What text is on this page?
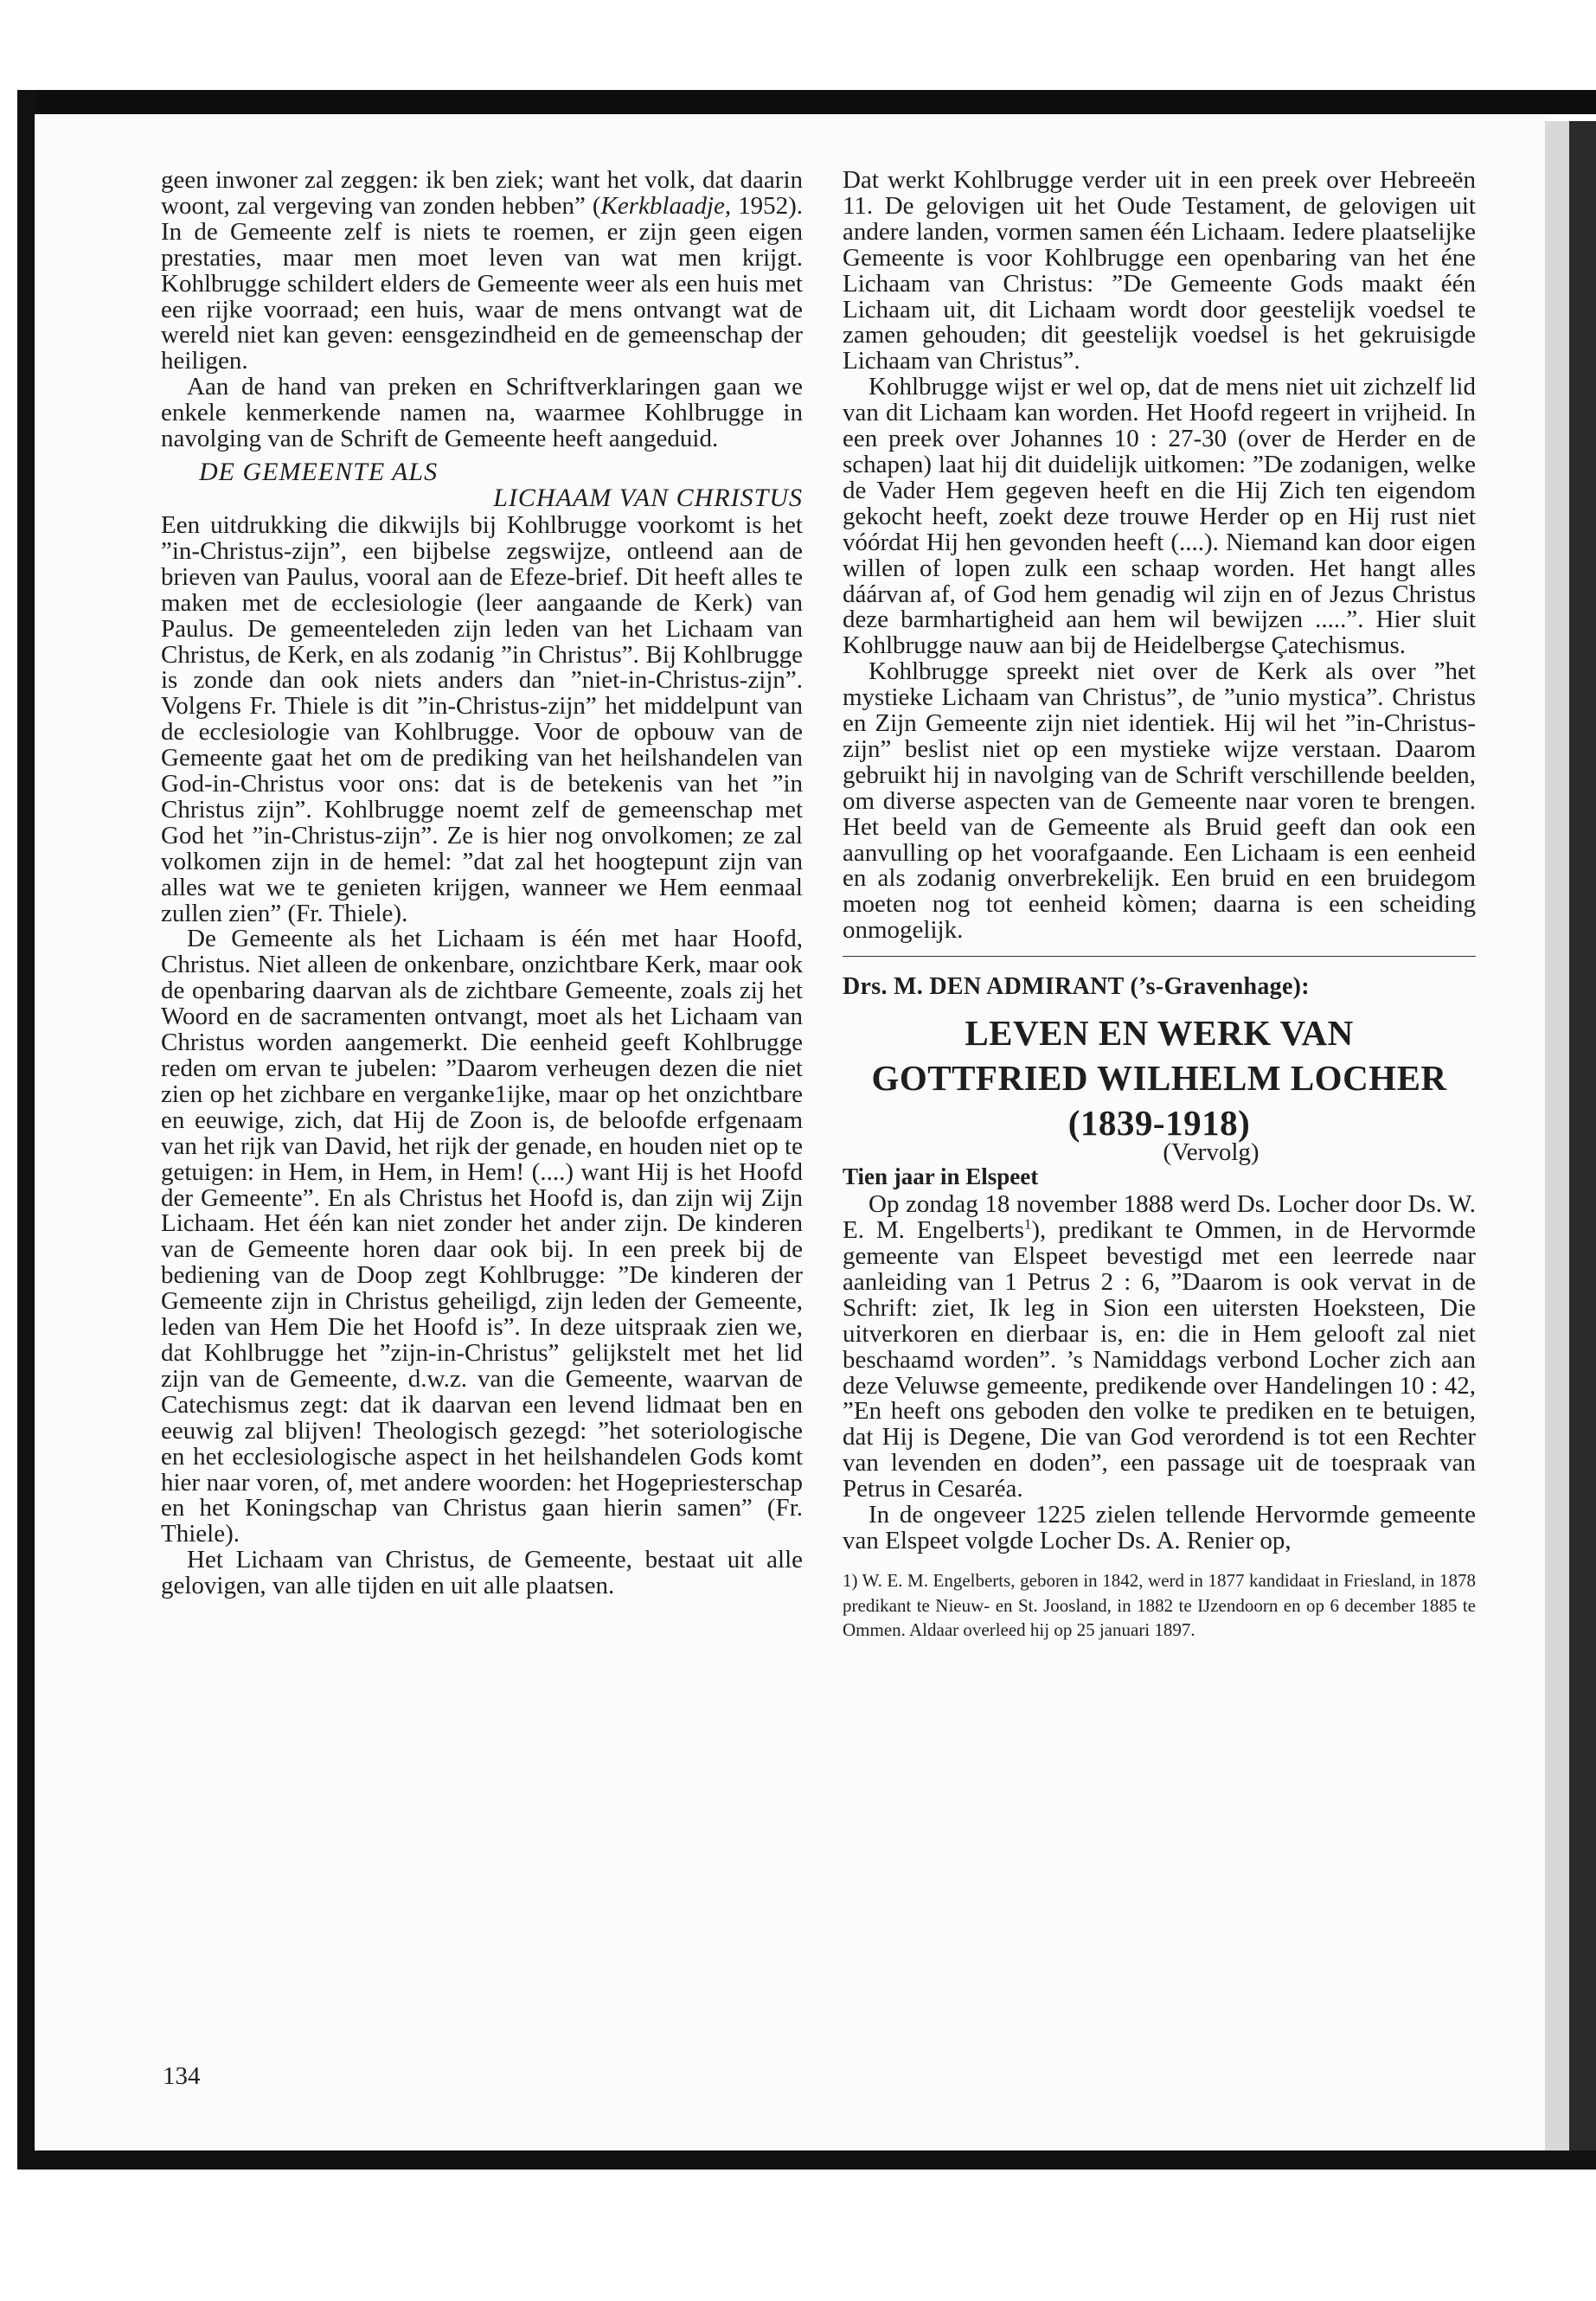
geen inwoner zal zeggen: ik ben ziek; want het volk, dat daarin woont, zal vergeving van zonden hebben” (Kerkblaadje, 1952). In de Gemeente zelf is niets te roemen, er zijn geen eigen prestaties, maar men moet leven van wat men krijgt. Kohlbrugge schildert elders de Gemeente weer als een huis met een rijke voorraad; een huis, waar de mens ontvangt wat de wereld niet kan geven: eensgezindheid en de gemeenschap der heiligen.

Aan de hand van preken en Schriftverklaringen gaan we enkele kenmerkende namen na, waarmee Kohlbrugge in navolging van de Schrift de Gemeente heeft aangeduid.

DE GEMEENTE ALS
LICHAAM VAN CHRISTUS

Een uitdrukking die dikwijls bij Kohlbrugge voorkomt is het ”in-Christus-zijn”, een bijbelse zegswijze, ontleend aan de brieven van Paulus, vooral aan de Efeze-brief. Dit heeft alles te maken met de ecclesiologie (leer aangaande de Kerk) van Paulus. De gemeenteleden zijn leden van het Lichaam van Christus, de Kerk, en als zodanig ”in Christus”. Bij Kohlbrugge is zonde dan ook niets anders dan ”niet-in-Christus-zijn”. Volgens Fr. Thiele is dit ”in-Christus-zijn” het middelpunt van de ecclesiologie van Kohlbrugge. Voor de opbouw van de Gemeente gaat het om de prediking van het heilshandelen van God-in-Christus voor ons: dat is de betekenis van het ”in Christus zijn”. Kohlbrugge noemt zelf de gemeenschap met God het ”in-Christus-zijn”. Ze is hier nog onvolkomen; ze zal volkomen zijn in de hemel: ”dat zal het hoogtepunt zijn van alles wat we te genieten krijgen, wanneer we Hem eenmaal zullen zien” (Fr. Thiele).

De Gemeente als het Lichaam is één met haar Hoofd, Christus. Niet alleen de onkenbare, onzichtbare Kerk, maar ook de openbaring daarvan als de zichtbare Gemeente, zoals zij het Woord en de sacramenten ontvangt, moet als het Lichaam van Christus worden aangemerkt. Die eenheid geeft Kohlbrugge reden om ervan te jubelen: ”Daarom verheugen dezen die niet zien op het zichbare en verganke1ijke, maar op het onzichtbare en eeuwige, zich, dat Hij de Zoon is, de beloofde erfgenaam van het rijk van David, het rijk der genade, en houden niet op te getuigen: in Hem, in Hem, in Hem! (....) want Hij is het Hoofd der Gemeente”. En als Christus het Hoofd is, dan zijn wij Zijn Lichaam. Het één kan niet zonder het ander zijn. De kinderen van de Gemeente horen daar ook bij. In een preek bij de bediening van de Doop zegt Kohlbrugge: ”De kinderen der Gemeente zijn in Christus geheiligd, zijn leden der Gemeente, leden van Hem Die het Hoofd is”. In deze uitspraak zien we, dat Kohlbrugge het ”zijn-in-Christus” gelijkstelt met het lid zijn van de Gemeente, d.w.z. van die Gemeente, waarvan de Catechismus zegt: dat ik daarvan een levend lidmaat ben en eeuwig zal blijven! Theologisch gezegd: ”het soteriologische en het ecclesiologische aspect in het heilshandelen Gods komt hier naar voren, of, met andere woorden: het Hogepriesterschap en het Koningschap van Christus gaan hierin samen” (Fr. Thiele).

Het Lichaam van Christus, de Gemeente, bestaat uit alle gelovigen, van alle tijden en uit alle plaatsen.

Dat werkt Kohlbrugge verder uit in een preek over Hebreeën 11. De gelovigen uit het Oude Testament, de gelovigen uit andere landen, vormen samen één Lichaam. Iedere plaatselijke Gemeente is voor Kohlbrugge een openbaring van het éne Lichaam van Christus: ”De Gemeente Gods maakt één Lichaam uit, dit Lichaam wordt door geestelijk voedsel te zamen gehouden; dit geestelijk voedsel is het gekruisigde Lichaam van Christus”.

Kohlbrugge wijst er wel op, dat de mens niet uit zichzelf lid van dit Lichaam kan worden. Het Hoofd regeert in vrijheid. In een preek over Johannes 10 : 27-30 (over de Herder en de schapen) laat hij dit duidelijk uitkomen: ”De zodanigen, welke de Vader Hem gegeven heeft en die Hij Zich ten eigendom gekocht heeft, zoekt deze trouwe Herder op en Hij rust niet vóórdat Hij hen gevonden heeft (....). Niemand kan door eigen willen of lopen zulk een schaap worden. Het hangt alles dáárvan af, of God hem genadig wil zijn en of Jezus Christus deze barmhartigheid aan hem wil bewijzen .....”. Hier sluit Kohlbrugge nauw aan bij de Heidelbergse Çatechismus.

Kohlbrugge spreekt niet over de Kerk als over ”het mystieke Lichaam van Christus”, de ”unio mystica”. Christus en Zijn Gemeente zijn niet identiek. Hij wil het ”in-Christus-zijn” beslist niet op een mystieke wijze verstaan. Daarom gebruikt hij in navolging van de Schrift verschillende beelden, om diverse aspecten van de Gemeente naar voren te brengen. Het beeld van de Gemeente als Bruid geeft dan ook een aanvulling op het voorafgaande. Een Lichaam is een eenheid en als zodanig onverbrekelijk. Een bruid en een bruidegom moeten nog tot eenheid kòmen; daarna is een scheiding onmogelijk.

Drs. M. DEN ADMIRANT (’s-Gravenhage):
LEVEN EN WERK VAN
GOTTFRIED WILHELM LOCHER
(1839-1918)
(Vervolg)
Tien jaar in Elspeet

Op zondag 18 november 1888 werd Ds. Locher door Ds. W. E. M. Engelberts$^1$), predikant te Ommen, in de Hervormde gemeente van Elspeet bevestigd met een leerrede naar aanleiding van 1 Petrus 2 : 6, ”Daarom is ook vervat in de Schrift: ziet, Ik leg in Sion een uitersten Hoeksteen, Die uitverkoren en dierbaar is, en: die in Hem gelooft zal niet beschaamd worden”. ’s Namiddags verbond Locher zich aan deze Veluwse gemeente, predikende over Handelingen 10 : 42, ”En heeft ons geboden den volke te prediken en te betuigen, dat Hij is Degene, Die van God verordend is tot een Rechter van levenden en doden”, een passage uit de toespraak van Petrus in Cesaréa.

In de ongeveer 1225 zielen tellende Hervormde gemeente van Elspeet volgde Locher Ds. A. Renier op,

1) W. E. M. Engelberts, geboren in 1842, werd in 1877 kandidaat in Friesland, in 1878 predikant te Nieuw- en St. Joosland, in 1882 te IJzendoorn en op 6 december 1885 te Ommen. Aldaar overleed hij op 25 januari 1897.
134
